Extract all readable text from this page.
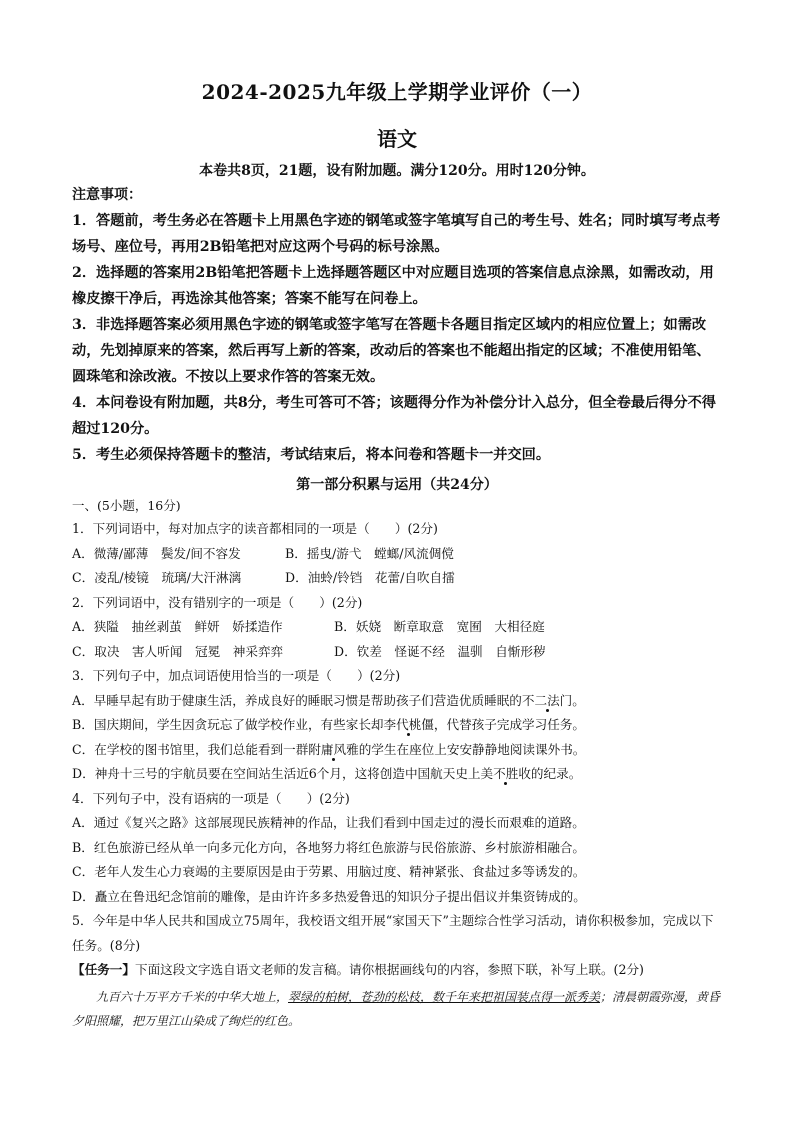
2024-2025九年级上学期学业评价（一）
语文
本卷共8页，21题，设有附加题。满分120分。用时120分钟。
注意事项：

1．答题前，考生务必在答题卡上用黑色字迹的钢笔或签字笔填写自己的考生号、姓名；同时填写考点考场号、座位号，再用2B铅笔把对应这两个号码的标号涂黑。

2．选择题的答案用2B铅笔把答题卡上选择题答题区中对应题目选项的答案信息点涂黑，如需改动，用橡皮擦干净后，再选涂其他答案；答案不能写在问卷上。

3．非选择题答案必须用黑色字迹的钢笔或签字笔写在答题卡各题目指定区域内的相应位置上；如需改动，先划掉原来的答案，然后再写上新的答案，改动后的答案也不能超出指定的区域；不准使用铅笔、圆珠笔和涂改液。不按以上要求作答的答案无效。

4．本问卷设有附加题，共8分，考生可答可不答；该题得分作为补偿分计入总分，但全卷最后得分不得超过120分。

5．考生必须保持答题卡的整洁，考试结束后，将本问卷和答题卡一并交回。

第一部分积累与运用（共24分）
一、(5小题，16分)

1．下列词语中，每对加点字的读音都相同的一项是（　　）(2分)

A．微薄/鄙薄　鬓发/间不容发	B．摇曳/游弋　螳螂/风流倜傥

C．凌乱/棱镜　琉璃/大汗淋漓	D．油蛉/铃铛　花蕾/自吹自擂

2．下列词语中，没有错别字的一项是（　　）(2分)

A．狭隘　抽丝剥茧　鲜妍　娇揉造作	B．妖娆　断章取意　宽囿　大相径庭

C．取决　害人听闻　冠冕　神采弈弈	D．钦差　怪诞不经　温驯　自惭形秽

3．下列句子中，加点词语使用恰当的一项是（　　）(2分)

A．早睡早起有助于健康生活，养成良好的睡眠习惯是帮助孩子们营造优质睡眠的不二法门。

B．国庆期间，学生因贪玩忘了做学校作业，有些家长却李代桃僵，代替孩子完成学习任务。

C．在学校的图书馆里，我们总能看到一群附庸风雅的学生在座位上安安静静地阅读课外书。

D．神舟十三号的宇航员要在空间站生活近6个月，这将创造中国航天史上美不胜收的纪录。

4．下列句子中，没有语病的一项是（　　）(2分)

A．通过《复兴之路》这部展现民族精神的作品，让我们看到中国走过的漫长而艰难的道路。

B．红色旅游已经从单一向多元化方向，各地努力将红色旅游与民俗旅游、乡村旅游相融合。

C．老年人发生心力衰竭的主要原因是由于劳累、用脑过度、精神紧张、食盐过多等诱发的。

D．矗立在鲁迅纪念馆前的雕像，是由许许多多热爱鲁迅的知识分子提出倡议并集资铸成的。

5．今年是中华人民共和国成立75周年，我校语文组开展“家国天下”主题综合性学习活动，请你积极参加，完成以下任务。(8分)

【任务一】下面这段文字选自语文老师的发言稿。请你根据画线句的内容，参照下联，补写上联。(2分)

九百六十万平方千米的中华大地上，翠绿的柏树，苍劲的松枝，数千年来把祖国装点得一派秀美；清晨朝霞弥漫，黄昏夕阳照耀，把万里江山染成了绚烂的红色。
